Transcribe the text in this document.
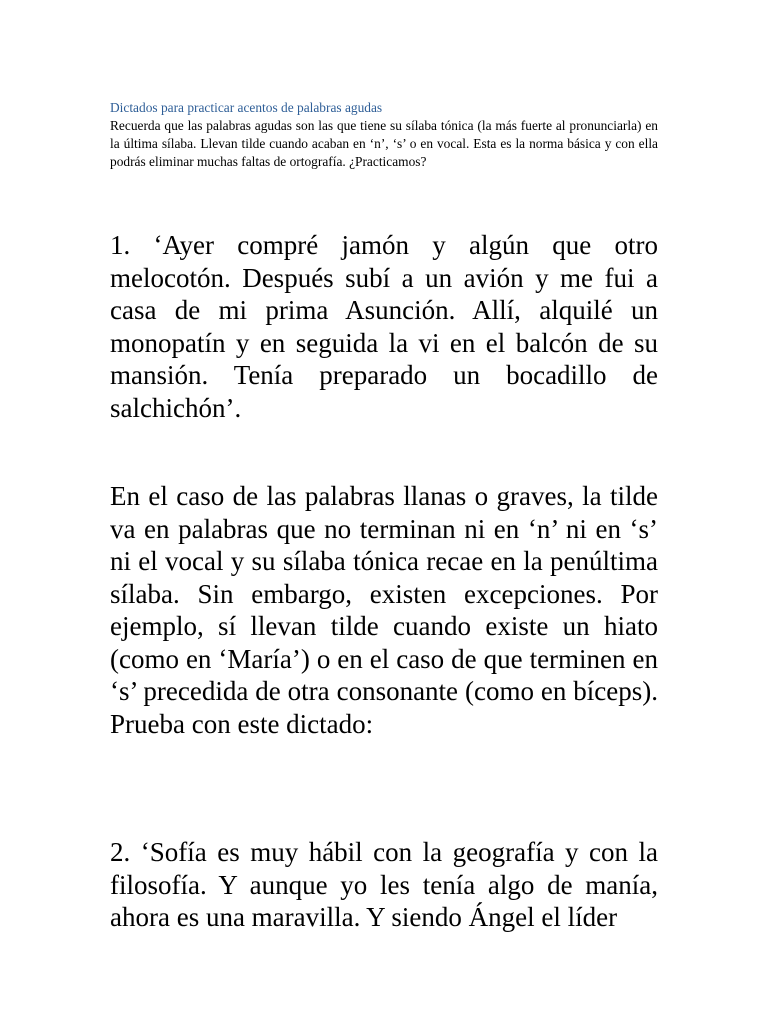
Dictados para practicar acentos de palabras agudas

Recuerda que las palabras agudas son las que tiene su sílaba tónica (la más fuerte al pronunciarla) en la última sílaba. Llevan tilde cuando acaban en ‘n’, ‘s’ o en vocal. Esta es la norma básica y con ella podrás eliminar muchas faltas de ortografía. ¿Practicamos?

1. ‘Ayer compré jamón y algún que otro melocotón. Después subí a un avión y me fui a casa de mi prima Asunción. Allí, alquilé un monopatín y en seguida la vi en el balcón de su mansión. Tenía preparado un bocadillo de salchichón’.

En el caso de las palabras llanas o graves, la tilde va en palabras que no terminan ni en ‘n’ ni en ‘s’ ni el vocal y su sílaba tónica recae en la penúltima sílaba. Sin embargo, existen excepciones. Por ejemplo, sí llevan tilde cuando existe un hiato (como en ‘María’) o en el caso de que terminen en ‘s’ precedida de otra consonante (como en bíceps). Prueba con este dictado:

2. ‘Sofía es muy hábil con la geografía y con la filosofía. Y aunque yo les tenía algo de manía, ahora es una maravilla. Y siendo Ángel el líder
